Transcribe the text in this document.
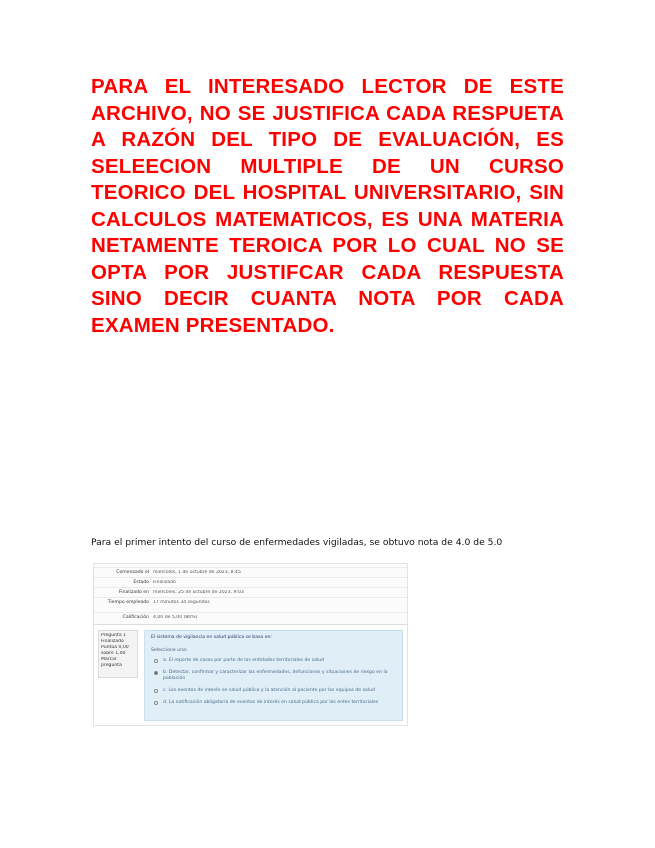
PARA EL INTERESADO LECTOR DE ESTE ARCHIVO, NO SE JUSTIFICA CADA RESPUETA A RAZÓN DEL TIPO DE EVALUACIÓN, ES SELEECION MULTIPLE DE UN CURSO TEORICO DEL HOSPITAL UNIVERSITARIO, SIN CALCULOS MATEMATICOS, ES UNA MATERIA NETAMENTE TEROICA POR LO CUAL NO SE OPTA POR JUSTIFCAR CADA RESPUESTA SINO DECIR CUANTA NOTA POR CADA EXAMEN PRESENTADO.
Para el primer intento del curso de enfermedades vigiladas, se obtuvo nota de 4.0 de 5.0
Comenzado el miércoles, 1 de octubre de 2023, 8:45
Estado Finalizado
Finalizado en miércoles, 25 de octubre de 2023, 9:03
Tiempo empleado 17 minutos 34 segundos
Calificación 4,00 de 5,00 (80%)
Pregunta 1
Finalizado
Puntúa 0,00
sobre 1,00
Marcar
pregunta
El sistema de vigilancia en salud pública se basa en:
Seleccione una:
a. El reporte de casos por parte de las entidades territoriales de salud
b. Detectar, confirmar y caracterizar las enfermedades, defunciones y situaciones de riesgo en la población
c. Los eventos de interés en salud pública y la atención al paciente por los equipos de salud
d. La notificación obligatoria de eventos de interés en salud pública por los entes territoriales
